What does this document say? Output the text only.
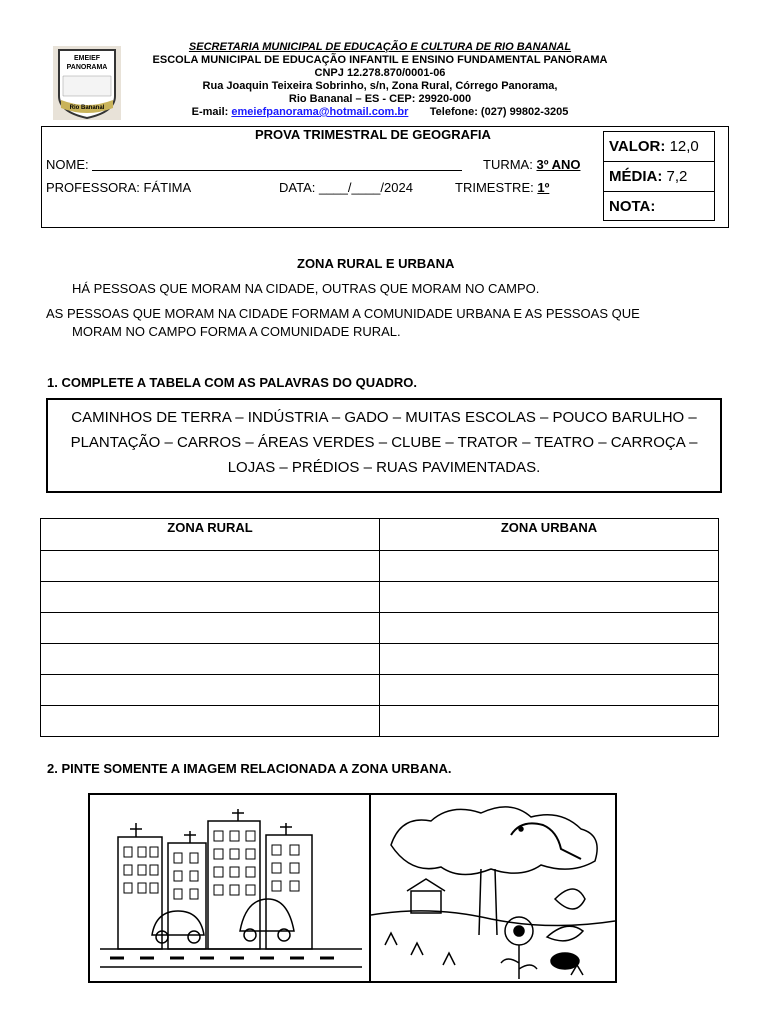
EMEIEF
PANORAMA
Rio Bananal
SECRETARIA MUNICIPAL DE EDUCAÇÃO E CULTURA DE RIO BANANAL
ESCOLA MUNICIPAL DE EDUCAÇÃO INFANTIL E ENSINO FUNDAMENTAL PANORAMA
CNPJ 12.278.870/0001-06
Rua Joaquin Teixeira Sobrinho, s/n, Zona Rural, Córrego Panorama,
Rio Bananal – ES - CEP: 29920-000
E-mail: emeiefpanorama@hotmail.com.br Telefone: (027) 99802-3205
PROVA TRIMESTRAL DE GEOGRAFIA
NOME:	TURMA: 3º ANO
PROFESSORA: FÁTIMA	DATA: ____/____/2024	TRIMESTRE: 1º
VALOR: 12,0
MÉDIA: 7,2
NOTA:
ZONA RURAL E URBANA
HÁ PESSOAS QUE MORAM NA CIDADE, OUTRAS QUE MORAM NO CAMPO.
AS PESSOAS QUE MORAM NA CIDADE FORMAM A COMUNIDADE URBANA E AS PESSOAS QUE
MORAM NO CAMPO FORMA A COMUNIDADE RURAL.
1. COMPLETE A TABELA COM AS PALAVRAS DO QUADRO.
CAMINHOS DE TERRA – INDÚSTRIA – GADO – MUITAS ESCOLAS – POUCO BARULHO –
PLANTAÇÃO – CARROS – ÁREAS VERDES – CLUBE – TRATOR – TEATRO – CARROÇA –
LOJAS – PRÉDIOS – RUAS PAVIMENTADAS.
ZONA RURAL	ZONA URBANA

2. PINTE SOMENTE A IMAGEM RELACIONADA A ZONA URBANA.
